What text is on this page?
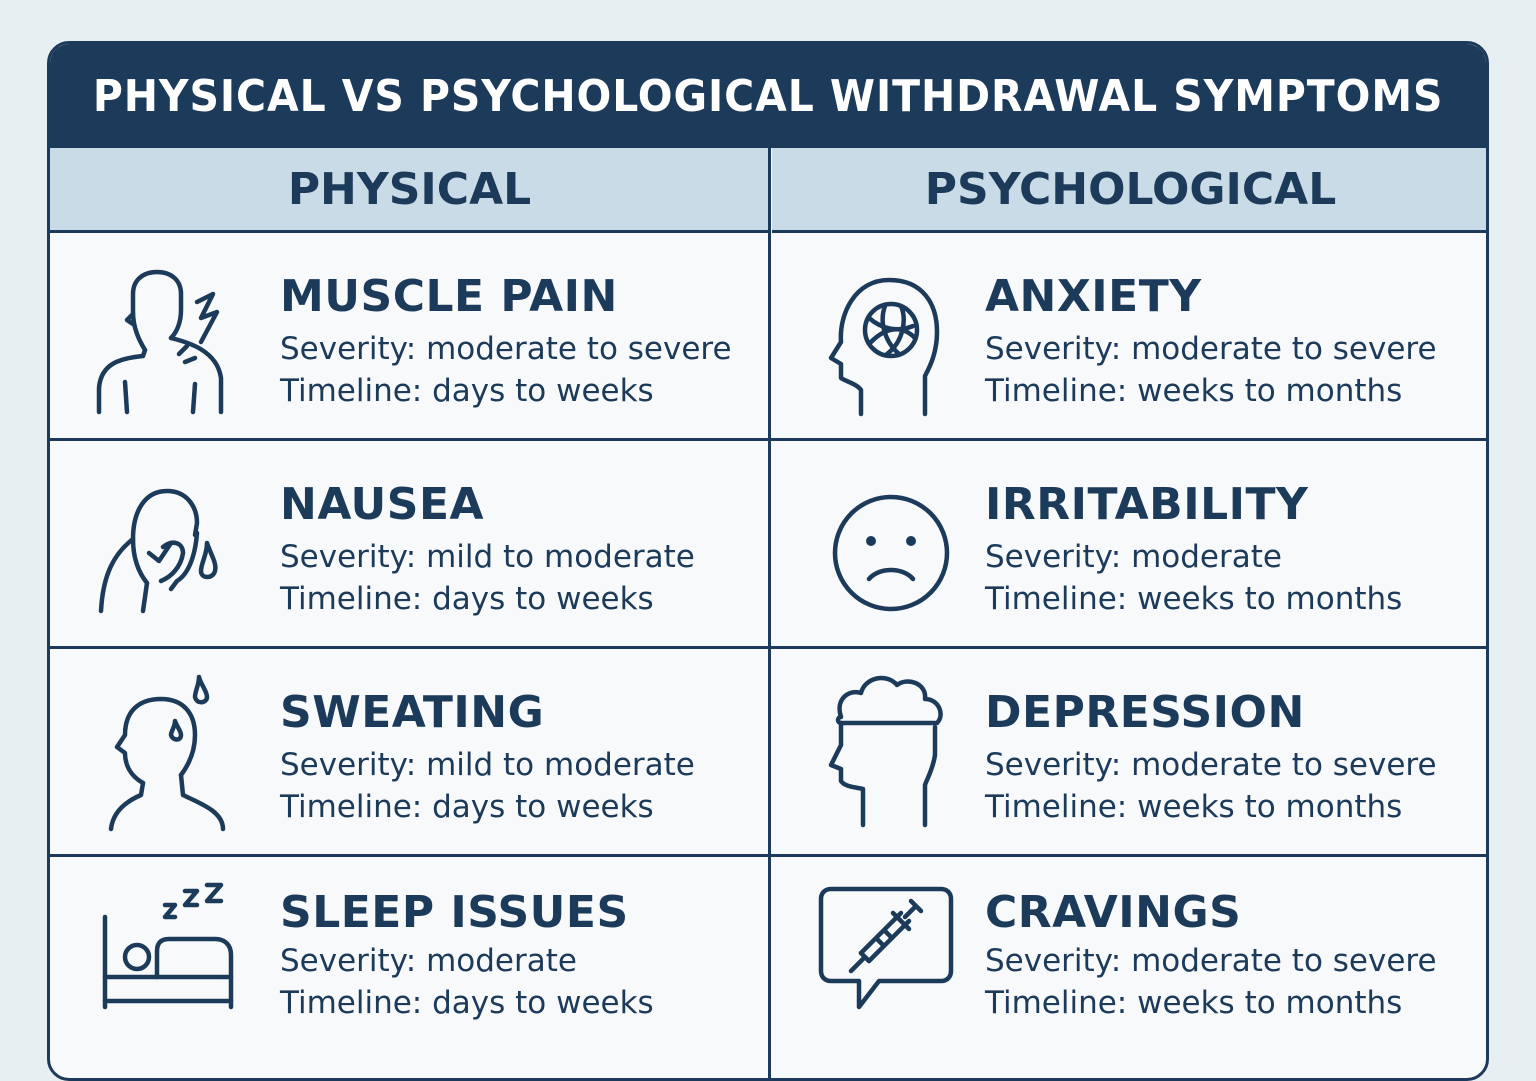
PHYSICAL VS PSYCHOLOGICAL WITHDRAWAL SYMPTOMS
PHYSICAL	PSYCHOLOGICAL
MUSCLE PAIN
Severity: moderate to severe
Timeline: days to weeks
NAUSEA
Severity: mild to moderate
Timeline: days to weeks
SWEATING
Severity: mild to moderate
Timeline: days to weeks
SLEEP ISSUES
Severity: moderate
Timeline: days to weeks
ANXIETY
Severity: moderate to severe
Timeline: weeks to months
IRRITABILITY
Severity: moderate
Timeline: weeks to months
DEPRESSION
Severity: moderate to severe
Timeline: weeks to months
CRAVINGS
Severity: moderate to severe
Timeline: weeks to months
